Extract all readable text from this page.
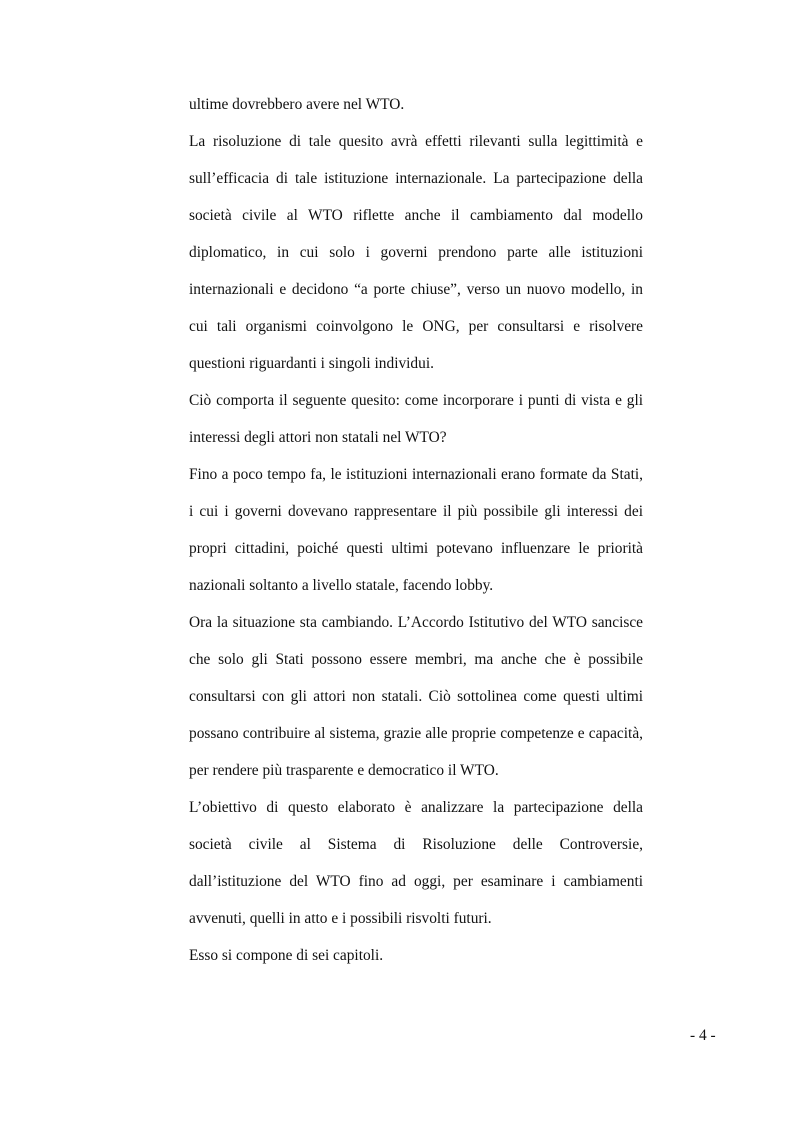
ultime dovrebbero avere nel WTO.

La risoluzione di tale quesito avrà effetti rilevanti sulla legittimità e sull’efficacia di tale istituzione internazionale. La partecipazione della società civile al WTO riflette anche il cambiamento dal modello diplomatico, in cui solo i governi prendono parte alle istituzioni internazionali e decidono “a porte chiuse”, verso un nuovo modello, in cui tali organismi coinvolgono le ONG, per consultarsi e risolvere questioni riguardanti i singoli individui.

Ciò comporta il seguente quesito: come incorporare i punti di vista e gli interessi degli attori non statali nel WTO?

Fino a poco tempo fa, le istituzioni internazionali erano formate da Stati, i cui i governi dovevano rappresentare il più possibile gli interessi dei propri cittadini, poiché questi ultimi potevano influenzare le priorità nazionali soltanto a livello statale, facendo lobby.

Ora la situazione sta cambiando. L’Accordo Istitutivo del WTO sancisce che solo gli Stati possono essere membri, ma anche che è possibile consultarsi con gli attori non statali. Ciò sottolinea come questi ultimi possano contribuire al sistema, grazie alle proprie competenze e capacità, per rendere più trasparente e democratico il WTO.

L’obiettivo di questo elaborato è analizzare la partecipazione della società civile al Sistema di Risoluzione delle Controversie, dall’istituzione del WTO fino ad oggi, per esaminare i cambiamenti avvenuti, quelli in atto e i possibili risvolti futuri.

Esso si compone di sei capitoli.

- 4 -
